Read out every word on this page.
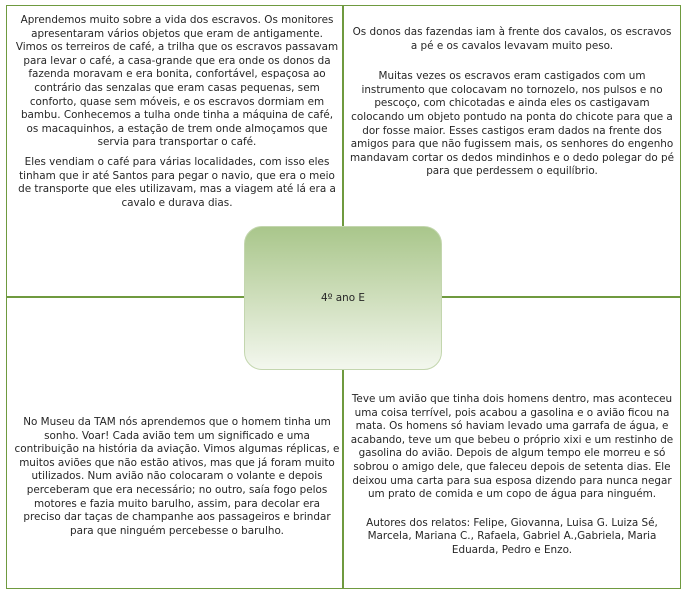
Aprendemos muito sobre a vida dos escravos. Os monitores apresentaram vários objetos que eram de antigamente. Vimos os terreiros de café, a trilha que os escravos passavam para levar o café, a casa-grande que era onde os donos da fazenda moravam e era bonita, confortável, espaçosa ao contrário das senzalas que eram casas pequenas, sem conforto, quase sem móveis, e os escravos dormiam em bambu. Conhecemos a tulha onde tinha a máquina de café, os macaquinhos, a estação de trem onde almoçamos que servia para transportar o café.

Eles vendiam o café para várias localidades, com isso eles tinham que ir até Santos para pegar o navio, que era o meio de transporte que eles utilizavam, mas a viagem até lá era a cavalo e durava dias.

Os donos das fazendas iam à frente dos cavalos, os escravos a pé e os cavalos levavam muito peso.

Muitas vezes os escravos eram castigados com um instrumento que colocavam no tornozelo, nos pulsos e no pescoço, com chicotadas e ainda eles os castigavam colocando um objeto pontudo na ponta do chicote para que a dor fosse maior. Esses castigos eram dados na frente dos amigos para que não fugissem mais, os senhores do engenho mandavam cortar os dedos mindinhos e o dedo polegar do pé para que perdessem o equilíbrio.

No Museu da TAM nós aprendemos que o homem tinha um sonho. Voar! Cada avião tem um significado e uma contribuição na história da aviação. Vimos algumas réplicas, e muitos aviões que não estão ativos, mas que já foram muito utilizados. Num avião não colocaram o volante e depois perceberam que era necessário; no outro, saía fogo pelos motores e fazia muito barulho, assim, para decolar era preciso dar taças de champanhe aos passageiros e brindar para que ninguém percebesse o barulho.

Teve um avião que tinha dois homens dentro, mas aconteceu uma coisa terrível, pois acabou a gasolina e o avião ficou na mata. Os homens só haviam levado uma garrafa de água, e acabando, teve um que bebeu o próprio xixi e um restinho de gasolina do avião. Depois de algum tempo ele morreu e só sobrou o amigo dele, que faleceu depois de setenta dias. Ele deixou uma carta para sua esposa dizendo para nunca negar um prato de comida e um copo de água para ninguém.

Autores dos relatos: Felipe, Giovanna, Luisa G. Luiza Sé, Marcela, Mariana C., Rafaela, Gabriel A.,Gabriela, Maria Eduarda, Pedro e Enzo.

4º ano E
